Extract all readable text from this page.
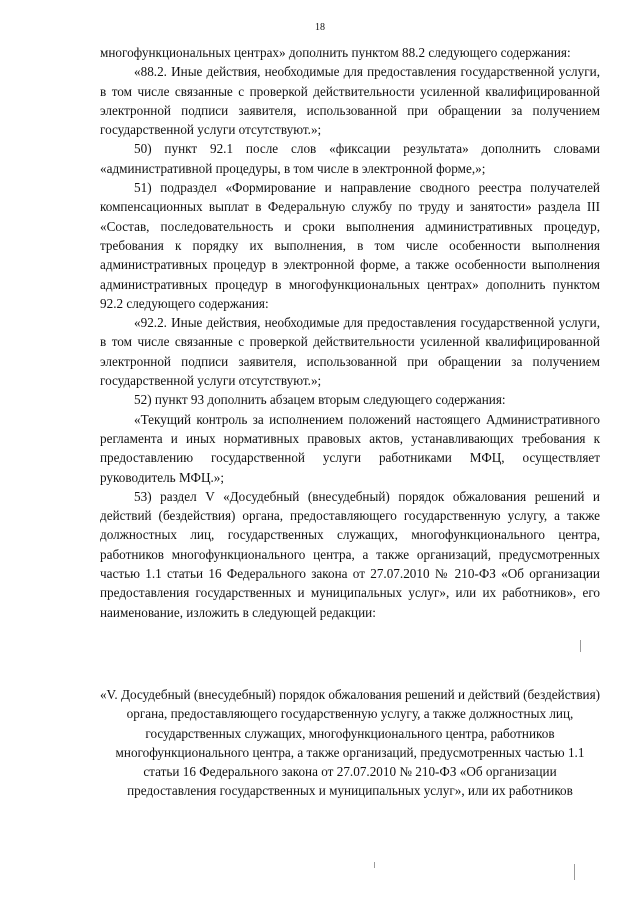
18

многофункциональных центрах» дополнить пунктом 88.2 следующего содержания:

«88.2. Иные действия, необходимые для предоставления государственной услуги, в том числе связанные с проверкой действительности усиленной квалифицированной электронной подписи заявителя, использованной при обращении за получением государственной услуги отсутствуют.»;

50) пункт 92.1 после слов «фиксации результата» дополнить словами «административной процедуры, в том числе в электронной форме,»;

51) подраздел «Формирование и направление сводного реестра получателей компенсационных выплат в Федеральную службу по труду и занятости» раздела III «Состав, последовательность и сроки выполнения административных процедур, требования к порядку их выполнения, в том числе особенности выполнения административных процедур в электронной форме, а также особенности выполнения административных процедур в многофункциональных центрах» дополнить пунктом 92.2 следующего содержания:

«92.2. Иные действия, необходимые для предоставления государственной услуги, в том числе связанные с проверкой действительности усиленной квалифицированной электронной подписи заявителя, использованной при обращении за получением государственной услуги отсутствуют.»;

52) пункт 93 дополнить абзацем вторым следующего содержания:

«Текущий контроль за исполнением положений настоящего Административного регламента и иных нормативных правовых актов, устанавливающих требования к предоставлению государственной услуги работниками МФЦ, осуществляет руководитель МФЦ.»;

53) раздел V «Досудебный (внесудебный) порядок обжалования решений и действий (бездействия) органа, предоставляющего государственную услугу, а также должностных лиц, государственных служащих, многофункционального центра, работников многофункционального центра, а также организаций, предусмотренных частью 1.1 статьи 16 Федерального закона от 27.07.2010 № 210-ФЗ «Об организации предоставления государственных и муниципальных услуг», или их работников», его наименование, изложить в следующей редакции:

«V. Досудебный (внесудебный) порядок обжалования решений и действий (бездействия) органа, предоставляющего государственную услугу, а также должностных лиц, государственных служащих, многофункционального центра, работников многофункционального центра, а также организаций, предусмотренных частью 1.1 статьи 16 Федерального закона от 27.07.2010 № 210-ФЗ «Об организации предоставления государственных и муниципальных услуг», или их работников
